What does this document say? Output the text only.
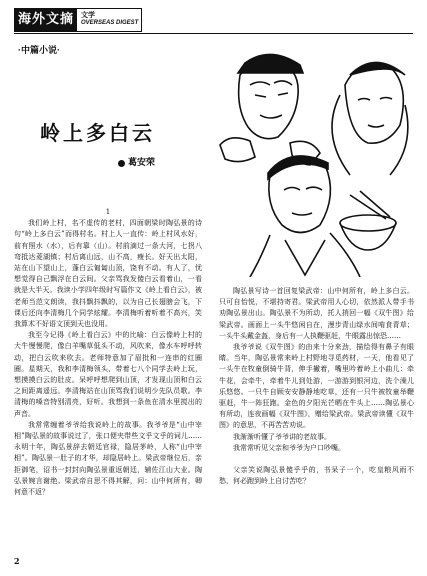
海外文摘	文学
OVERSEAS DIGEST
·中篇小说·
岭上多白云
葛安荣

1

我们岭上村，名不虚传的老村，四面朝梁时陶弘景的诗句“岭上多白云”而得村名。村上人一直传：岭上村风水好，前有照水（水），后有靠（山）。村前滴过一条大河，七拐八弯抵达菱湖镇；村后离山远，山不高，瘦长。好天出太阳，站在山下望山上，蓬白云匍匐山顶，饶有不动。有人了，忧想觉得自己飘浮在白云间。父亲骂我发傻白云看着山，一看就是大半天。我读小学四年级时写篇作文《岭上看白云》，被老师当范文朗读，我抖飘抖飘的，以为自己长翅膀会飞，下课后还向李清梅几个同学炫耀。李清梅听着听着不高兴，笑我算术不好语文顶到天也没用。

我至今记得《岭上看白云》中的比喻：白云像岭上村的大牛慢慢爬，像白羊嘴草低头不动，风吹来，像水车呼呼转动，把白云吹来吹去。老师特意加了眉批和一连串的红圈圈。星期天，我和李清梅领头，带着七八个同学去岭上玩，想摸摸白云的肚皮。呆呼呼想爬到山顶，才发现山顶和白云之间距离遥远。李清梅站在山顶骂我们说明少先队员歌。李清梅的嗓音特别清亮，好听。我想到一条鱼在清水里搅出的声音。

我常常缠着爷爷给我说岭上的故事。我爷爷是“山中宰相”陶弘景的故事说过了，张口便夹带些文乎文乎的词儿……永明十年，陶弘景辞去朝廷官禄，隐居茅岭，人称“山中宰相”。陶弘景一肚子的才华，却隐居岭上。梁武帝继位后，亲拒御笔，诏书一封封向陶弘景重返朝廷，辅佐江山大业。陶弘景婉言谢绝。梁武帝自思不得其解，问：山中何所有，卿何意不返？

陶弘景写诗一首回复梁武帝：山中何所有，岭上多白云。只可自怡悦，不堪持寄君。梁武帝用人心切，依然派人带手书劝陶弘景出山。陶弘景不为所动，托人捎回一幅《双牛图》给梁武帝。画面上一头牛悠闲自在，漫步青山绿水间啃食青草；一头牛头戴金盔，身后有一人执鞭驱赶，牛眼露出惊恐……

我爷爷说《双牛图》的由来十分来劲，描绘得有鼻子有眼睛。当年，陶弘景常来岭上村野地寻觅药材，一天，他看见了一头牛在牧童倒骑牛背，伸手撇着，嘴里吟着岭上小曲儿：牵牛花，会牵牛，牵着牛儿到处游，一游游到银河边，洗个澡儿乐悠悠。一只牛自顾安安静静地吃草，还有一只牛被牧童举鞭驱赶，牛一阵狂跑。金色的夕阳光芒晒在牛头上……陶弘景心有所动，连夜画幅《双牛图》，赠给梁武帝。梁武帝读懂《双牛图》的意思，不再苦苦劝说。

我渐渐听懂了爷爷讲的老故事。

我常常听见父亲和爷爷为户口吵嘴。

父亲笑说陶弘景傻乎乎的，书呆子一个，吃皇粮风雨不愁，何必跑到岭上自讨苦吃？

2
